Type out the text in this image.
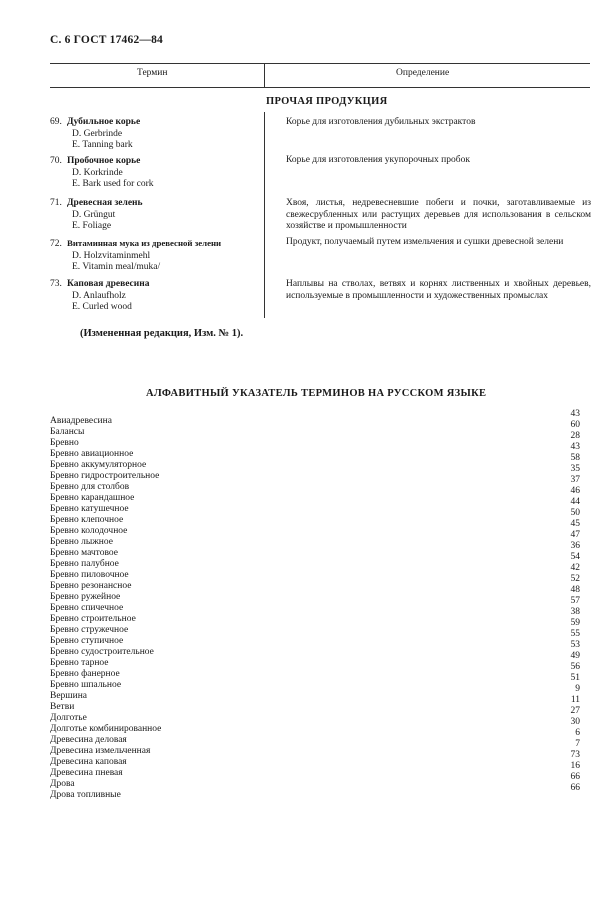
С. 6 ГОСТ 17462—84
Термин	Определение
ПРОЧАЯ ПРОДУКЦИЯ
69. Дубильное корье
D. Gerbrinde
E. Tanning bark
Корье для изготовления дубильных экстрактов
70. Пробочное корье
D. Korkrinde
E. Bark used for cork
Корье для изготовления укупорочных пробок
71. Древесная зелень
D. Grüngut
E. Foliage
Хвоя, листья, недревесневшие побеги и почки, заготавливаемые из свежесрубленных или растущих деревьев для использования в сельском хозяйстве и промышленности
72. Витаминная мука из древесной зелени
D. Holzvitaminmehl
E. Vitamin meal/muka/
Продукт, получаемый путем измельчения и сушки древесной зелени
73. Каповая древесина
D. Anlaufholz
E. Curled wood
Наплывы на стволах, ветвях и корнях лиственных и хвойных деревьев, используемые в промышленности и художественных промыслах
(Измененная редакция, Изм. № 1).
АЛФАВИТНЫЙ УКАЗАТЕЛЬ ТЕРМИНОВ НА РУССКОМ ЯЗЫКЕ
Авиадревесина
43
Балансы
60
Бревно
28
Бревно авиационное
43
Бревно аккумуляторное
58
Бревно гидростроительное
35
Бревно для столбов
37
Бревно карандашное
46
Бревно катушечное
44
Бревно клепочное
50
Бревно колодочное
45
Бревно лыжное
47
Бревно мачтовое
36
Бревно палубное
54
Бревно пиловочное
42
Бревно резонансное
52
Бревно ружейное
48
Бревно спичечное
57
Бревно строительное
38
Бревно стружечное
59
Бревно ступичное
55
Бревно судостроительное
53
Бревно тарное
49
Бревно фанерное
56
Бревно шпальное
51
Вершина
9
Ветви
11
Долготье
27
Долготье комбинированное
30
Древесина деловая
6
Древесина измельченная
7
Древесина каповая
73
Древесина пневая
16
Дрова
66
Дрова топливные
66
